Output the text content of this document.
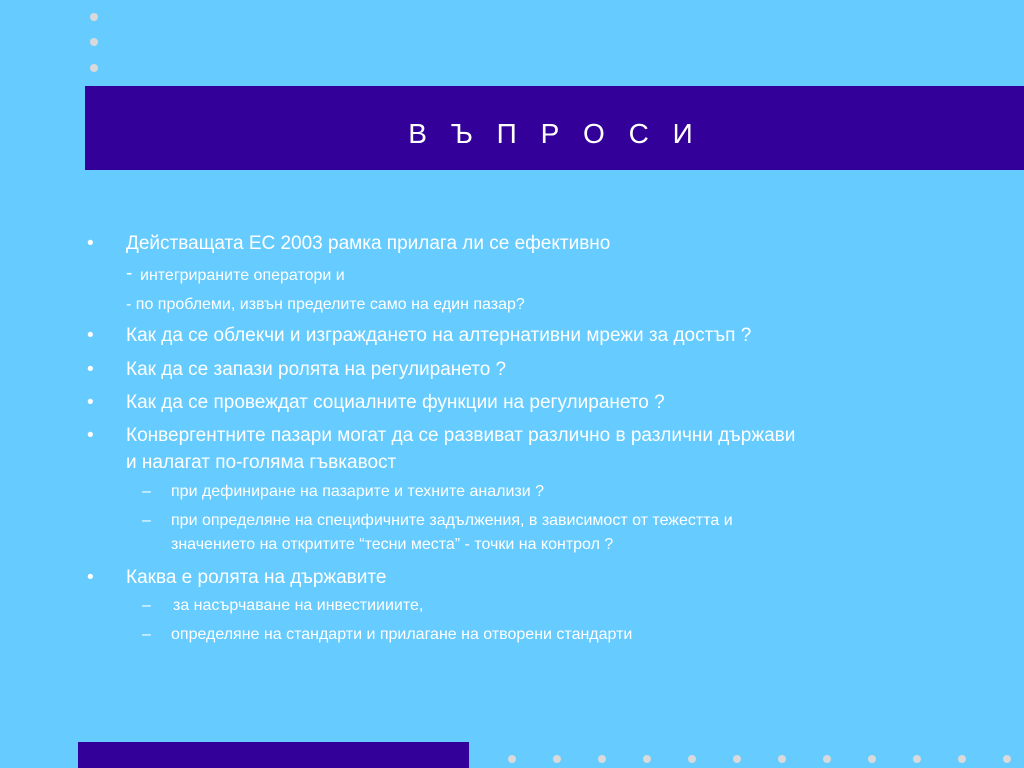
В Ъ П Р О С И
• Действащата ЕС 2003 рамка прилага ли се ефективно
- интегрираните оператори и
- по проблеми, извън пределите само на един пазар?
• Как да се облекчи и изграждането на алтернативни мрежи за достъп ?
• Как да се запази ролята на регулирането ?
• Как да се провеждат социалните функции на регулирането ?
• Конвергентните пазари могат да се развиват различно в различни държави
и налагат по-голяма гъвкавост
– при дефиниране на пазарите и техните анализи ?
– при определяне на специфичните задължения, в зависимост от тежестта и
значението на откритите “тесни места” - точки на контрол ?
• Каква е ролята на държавите
– за насърчаване на инвестиииите,
– определяне на стандарти и прилагане на отворени стандарти
